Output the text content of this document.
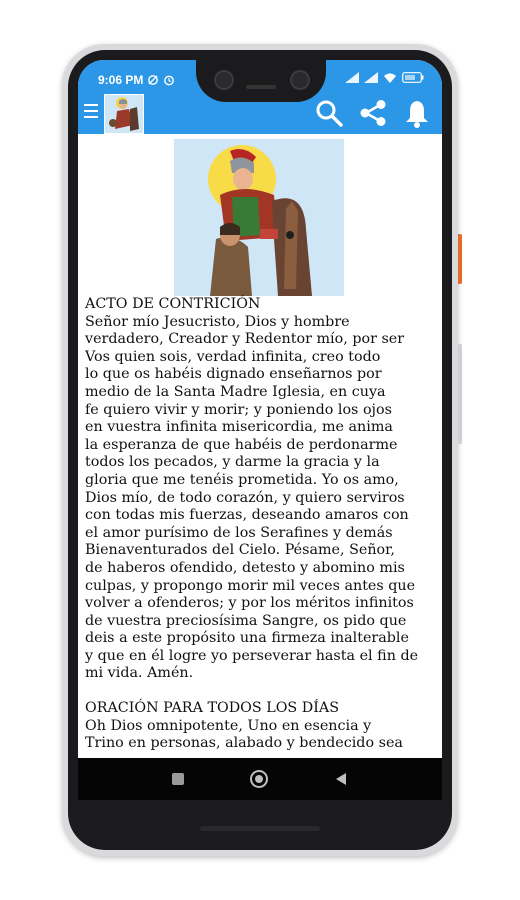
9:06 PM
ACTO DE CONTRICIÓN
Señor mío Jesucristo, Dios y hombre
verdadero, Creador y Redentor mío, por ser
Vos quien sois, verdad infinita, creo todo
lo que os habéis dignado enseñarnos por
medio de la Santa Madre Iglesia, en cuya
fe quiero vivir y morir; y poniendo los ojos
en vuestra infinita misericordia, me anima
la esperanza de que habéis de perdonarme
todos los pecados, y darme la gracia y la
gloria que me tenéis prometida. Yo os amo,
Dios mío, de todo corazón, y quiero serviros
con todas mis fuerzas, deseando amaros con
el amor purísimo de los Serafines y demás
Bienaventurados del Cielo. Pésame, Señor,
de haberos ofendido, detesto y abomino mis
culpas, y propongo morir mil veces antes que
volver a ofenderos; y por los méritos infinitos
de vuestra preciosísima Sangre, os pido que
deis a este propósito una firmeza inalterable
y que en él logre yo perseverar hasta el fin de
mi vida. Amén.
ORACIÓN PARA TODOS LOS DÍAS
Oh Dios omnipotente, Uno en esencia y
Trino en personas, alabado y bendecido sea
